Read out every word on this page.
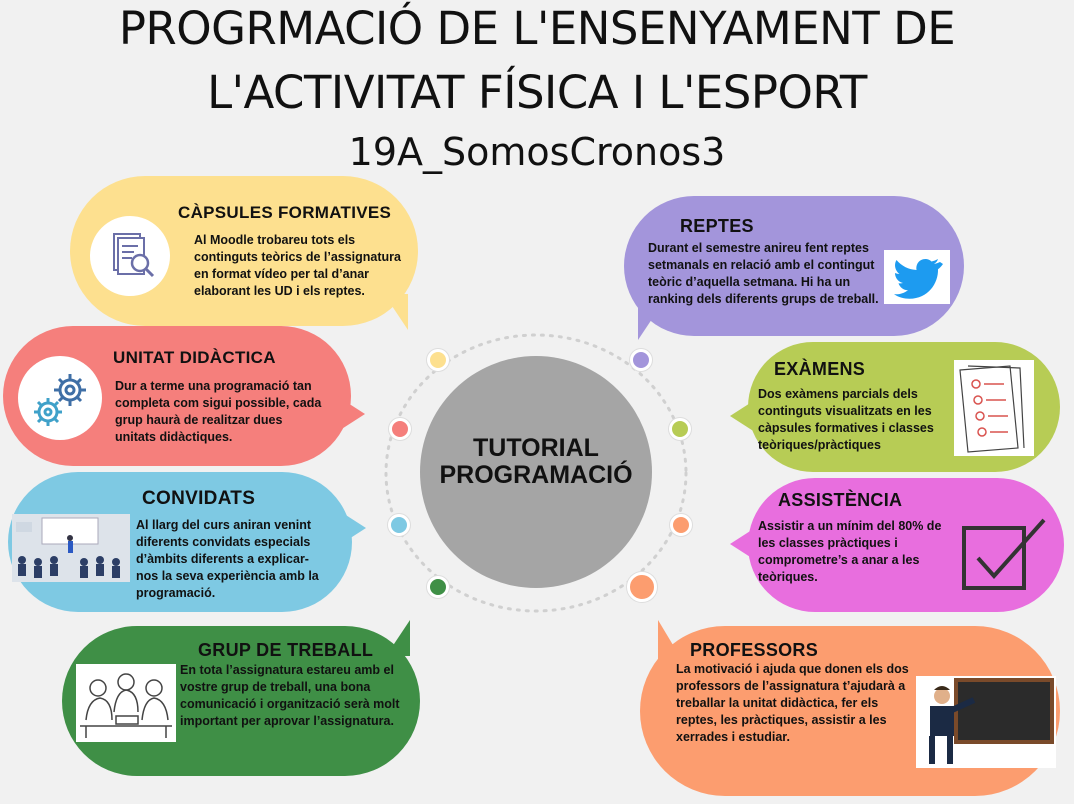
PROGRMACIÓ DE L'ENSENYAMENT DE
L'ACTIVITAT FÍSICA I L'ESPORT
19A_SomosCronos3
CÀPSULES FORMATIVES
Al Moodle trobareu tots els continguts teòrics de l’assignatura en format vídeo per tal d’anar elaborant les UD i els reptes.
UNITAT DIDÀCTICA
Dur a terme una programació tan completa com sigui possible, cada grup haurà de realitzar dues unitats didàctiques.
CONVIDATS
Al llarg del curs aniran venint diferents convidats especials d’àmbits diferents a explicar-nos la seva experiència amb la programació.
GRUP DE TREBALL
En tota l’assignatura estareu amb el vostre grup de treball, una bona comunicació i organització serà molt important per aprovar l’assignatura.
REPTES
Durant el semestre anireu fent reptes setmanals en relació amb el contingut teòric d’aquella setmana. Hi ha un ranking dels diferents grups de treball.
EXÀMENS
Dos exàmens parcials dels continguts visualitzats en les càpsules formatives i classes teòriques/pràctiques
ASSISTÈNCIA
Assistir a un mínim del 80% de les classes pràctiques i comprometre’s a anar a les teòriques.
PROFESSORS
La motivació i ajuda que donen els dos professors de l’assignatura t’ajudarà a treballar la unitat didàctica, fer els reptes, les pràctiques, assistir a les xerrades i estudiar.
TUTORIAL
PROGRAMACIÓ
